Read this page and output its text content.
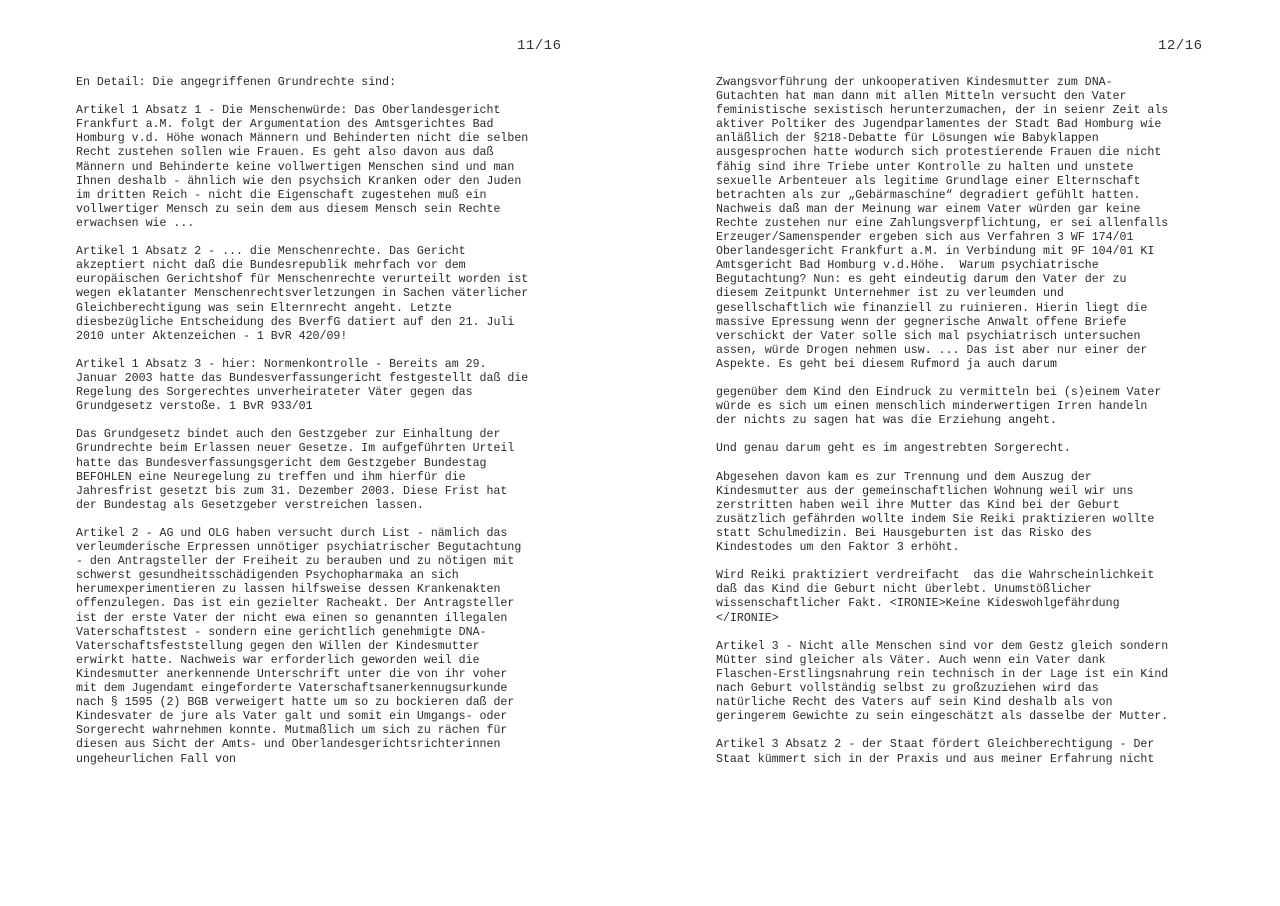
11/16

En Detail: Die angegriffenen Grundrechte sind:

Artikel 1 Absatz 1 - Die Menschenwürde: Das Oberlandesgericht
Frankfurt a.M. folgt der Argumentation des Amtsgerichtes Bad
Homburg v.d. Höhe wonach Männern und Behinderten nicht die selben
Recht zustehen sollen wie Frauen. Es geht also davon aus daß
Männern und Behinderte keine vollwertigen Menschen sind und man
Ihnen deshalb - ähnlich wie den psychsich Kranken oder den Juden
im dritten Reich - nicht die Eigenschaft zugestehen muß ein
vollwertiger Mensch zu sein dem aus diesem Mensch sein Rechte
erwachsen wie ...

Artikel 1 Absatz 2 - ... die Menschenrechte. Das Gericht
akzeptiert nicht daß die Bundesrepublik mehrfach vor dem
europäischen Gerichtshof für Menschenrechte verurteilt worden ist
wegen eklatanter Menschenrechtsverletzungen in Sachen väterlicher
Gleichberechtigung was sein Elternrecht angeht. Letzte
diesbezügliche Entscheidung des BverfG datiert auf den 21. Juli
2010 unter Aktenzeichen - 1 BvR 420/09!

Artikel 1 Absatz 3 - hier: Normenkontrolle - Bereits am 29.
Januar 2003 hatte das Bundesverfassungericht festgestellt daß die
Regelung des Sorgerechtes unverheirateter Väter gegen das
Grundgesetz verstoße. 1 BvR 933/01

Das Grundgesetz bindet auch den Gestzgeber zur Einhaltung der
Grundrechte beim Erlassen neuer Gesetze. Im aufgeführten Urteil
hatte das Bundesverfassungsgericht dem Gestzgeber Bundestag
BEFOHLEN eine Neuregelung zu treffen und ihm hierfür die
Jahresfrist gesetzt bis zum 31. Dezember 2003. Diese Frist hat
der Bundestag als Gesetzgeber verstreichen lassen.

Artikel 2 - AG und OLG haben versucht durch List - nämlich das
verleumderische Erpressen unnötiger psychiatrischer Begutachtung
- den Antragsteller der Freiheit zu berauben und zu nötigen mit
schwerst gesundheitsschädigenden Psychopharmaka an sich
herumexperimentieren zu lassen hilfsweise dessen Krankenakten
offenzulegen. Das ist ein gezielter Racheakt. Der Antragsteller
ist der erste Vater der nicht ewa einen so genannten illegalen
Vaterschaftstest - sondern eine gerichtlich genehmigte DNA-
Vaterschaftsfeststellung gegen den Willen der Kindesmutter
erwirkt hatte. Nachweis war erforderlich geworden weil die
Kindesmutter anerkennende Unterschrift unter die von ihr voher
mit dem Jugendamt eingeforderte Vaterschaftsanerkennugsurkunde
nach § 1595 (2) BGB verweigert hatte um so zu bockieren daß der
Kindesvater de jure als Vater galt und somit ein Umgangs- oder
Sorgerecht wahrnehmen konnte. Mutmaßlich um sich zu rächen für
diesen aus Sicht der Amts- und Oberlandesgerichtsrichterinnen
ungeheurlichen Fall von

12/16

Zwangsvorführung der unkooperativen Kindesmutter zum DNA-
Gutachten hat man dann mit allen Mitteln versucht den Vater
feministische sexistisch herunterzumachen, der in seienr Zeit als
aktiver Poltiker des Jugendparlamentes der Stadt Bad Homburg wie
anläßlich der §218-Debatte für Lösungen wie Babyklappen
ausgesprochen hatte wodurch sich protestierende Frauen die nicht
fähig sind ihre Triebe unter Kontrolle zu halten und unstete
sexuelle Arbenteuer als legitime Grundlage einer Elternschaft
betrachten als zur „Gebärmaschine“ degradiert gefühlt hatten.
Nachweis daß man der Meinung war einem Vater würden gar keine
Rechte zustehen nur eine Zahlungsverpflichtung, er sei allenfalls
Erzeuger/Samenspender ergeben sich aus Verfahren 3 WF 174/01
Oberlandesgericht Frankfurt a.M. in Verbindung mit 9F 104/01 KI
Amtsgericht Bad Homburg v.d.Höhe.  Warum psychiatrische
Begutachtung? Nun: es geht eindeutig darum den Vater der zu
diesem Zeitpunkt Unternehmer ist zu verleumden und
gesellschaftlich wie finanziell zu ruinieren. Hierin liegt die
massive Epressung wenn der gegnerische Anwalt offene Briefe
verschickt der Vater solle sich mal psychiatrisch untersuchen
assen, würde Drogen nehmen usw. ... Das ist aber nur einer der
Aspekte. Es geht bei diesem Rufmord ja auch darum

gegenüber dem Kind den Eindruck zu vermitteln bei (s)einem Vater
würde es sich um einen menschlich minderwertigen Irren handeln
der nichts zu sagen hat was die Erziehung angeht.

Und genau darum geht es im angestrebten Sorgerecht.

Abgesehen davon kam es zur Trennung und dem Auszug der
Kindesmutter aus der gemeinschaftlichen Wohnung weil wir uns
zerstritten haben weil ihre Mutter das Kind bei der Geburt
zusätzlich gefährden wollte indem Sie Reiki praktizieren wollte
statt Schulmedizin. Bei Hausgeburten ist das Risko des
Kindestodes um den Faktor 3 erhöht.

Wird Reiki praktiziert verdreifacht  das die Wahrscheinlichkeit
daß das Kind die Geburt nicht überlebt. Unumstößlicher
wissenschaftlicher Fakt. <IRONIE>Keine Kideswohlgefährdung
</IRONIE>

Artikel 3 - Nicht alle Menschen sind vor dem Gestz gleich sondern
Mütter sind gleicher als Väter. Auch wenn ein Vater dank
Flaschen-Erstlingsnahrung rein technisch in der Lage ist ein Kind
nach Geburt vollständig selbst zu großzuziehen wird das
natürliche Recht des Vaters auf sein Kind deshalb als von
geringerem Gewichte zu sein eingeschätzt als dasselbe der Mutter.

Artikel 3 Absatz 2 - der Staat fördert Gleichberechtigung - Der
Staat kümmert sich in der Praxis und aus meiner Erfahrung nicht
